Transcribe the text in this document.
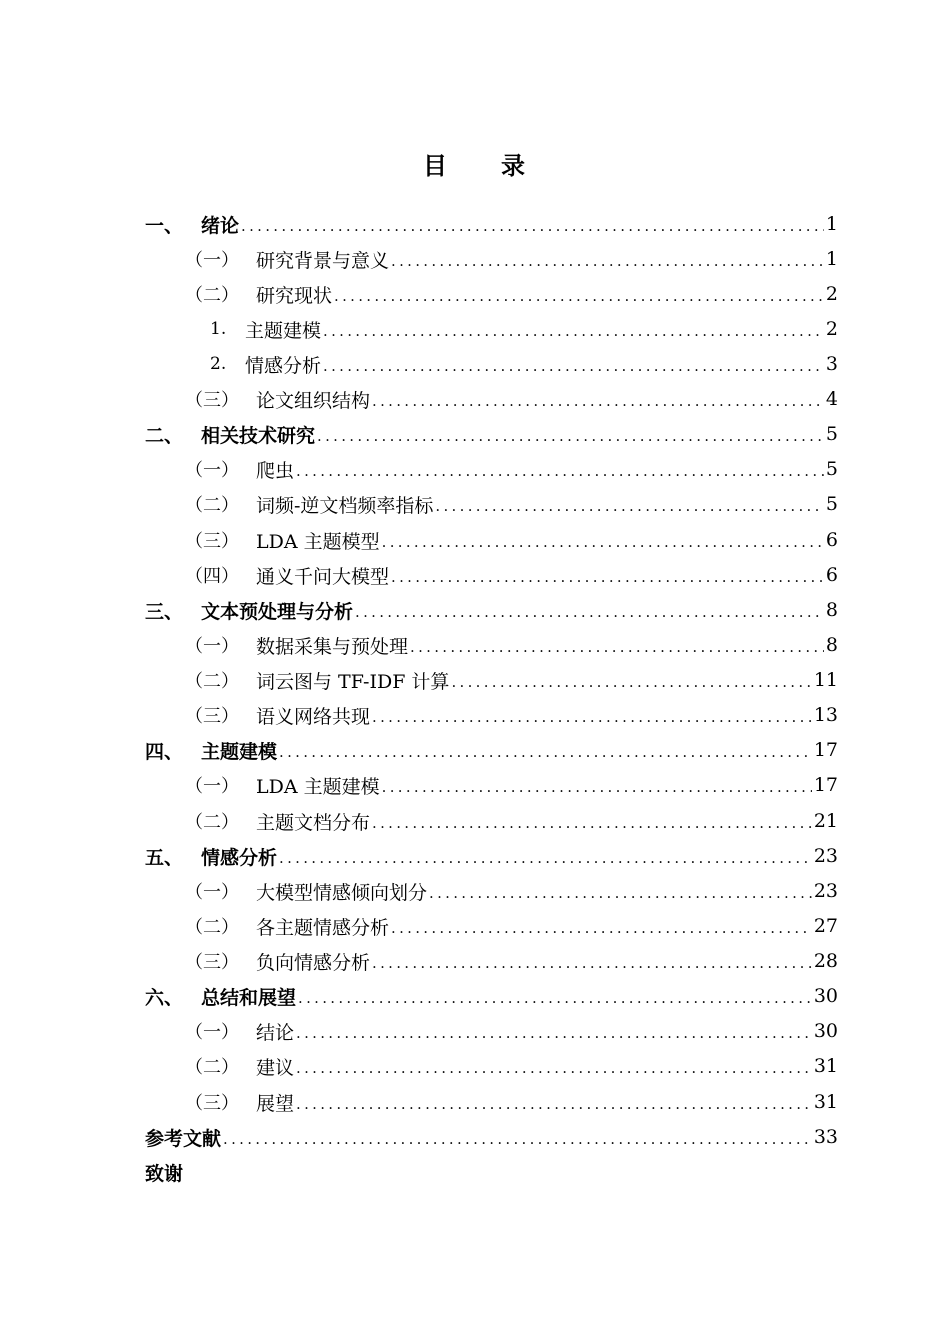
目 录
一、 绪论 .....	1
（一） 研究背景与意义 .....	1
（二） 研究现状 .....	2
1. 主题建模 .....	2
2. 情感分析 .....	3
（三） 论文组织结构 .....	4
二、 相关技术研究 .....	5
（一） 爬虫 .....	5
（二） 词频-逆文档频率指标 .....	5
（三） LDA 主题模型 .....	6
（四） 通义千问大模型 .....	6
三、 文本预处理与分析 .....	8
（一） 数据采集与预处理 .....	8
（二） 词云图与 TF-IDF 计算 .....	11
（三） 语义网络共现 .....	13
四、 主题建模 .....	17
（一） LDA 主题建模 .....	17
（二） 主题文档分布 .....	21
五、 情感分析 .....	23
（一） 大模型情感倾向划分 .....	23
（二） 各主题情感分析 .....	27
（三） 负向情感分析 .....	28
六、 总结和展望 .....	30
（一） 结论 .....	30
（二） 建议 .....	31
（三） 展望 .....	31
参考文献 .....	33
致谢
